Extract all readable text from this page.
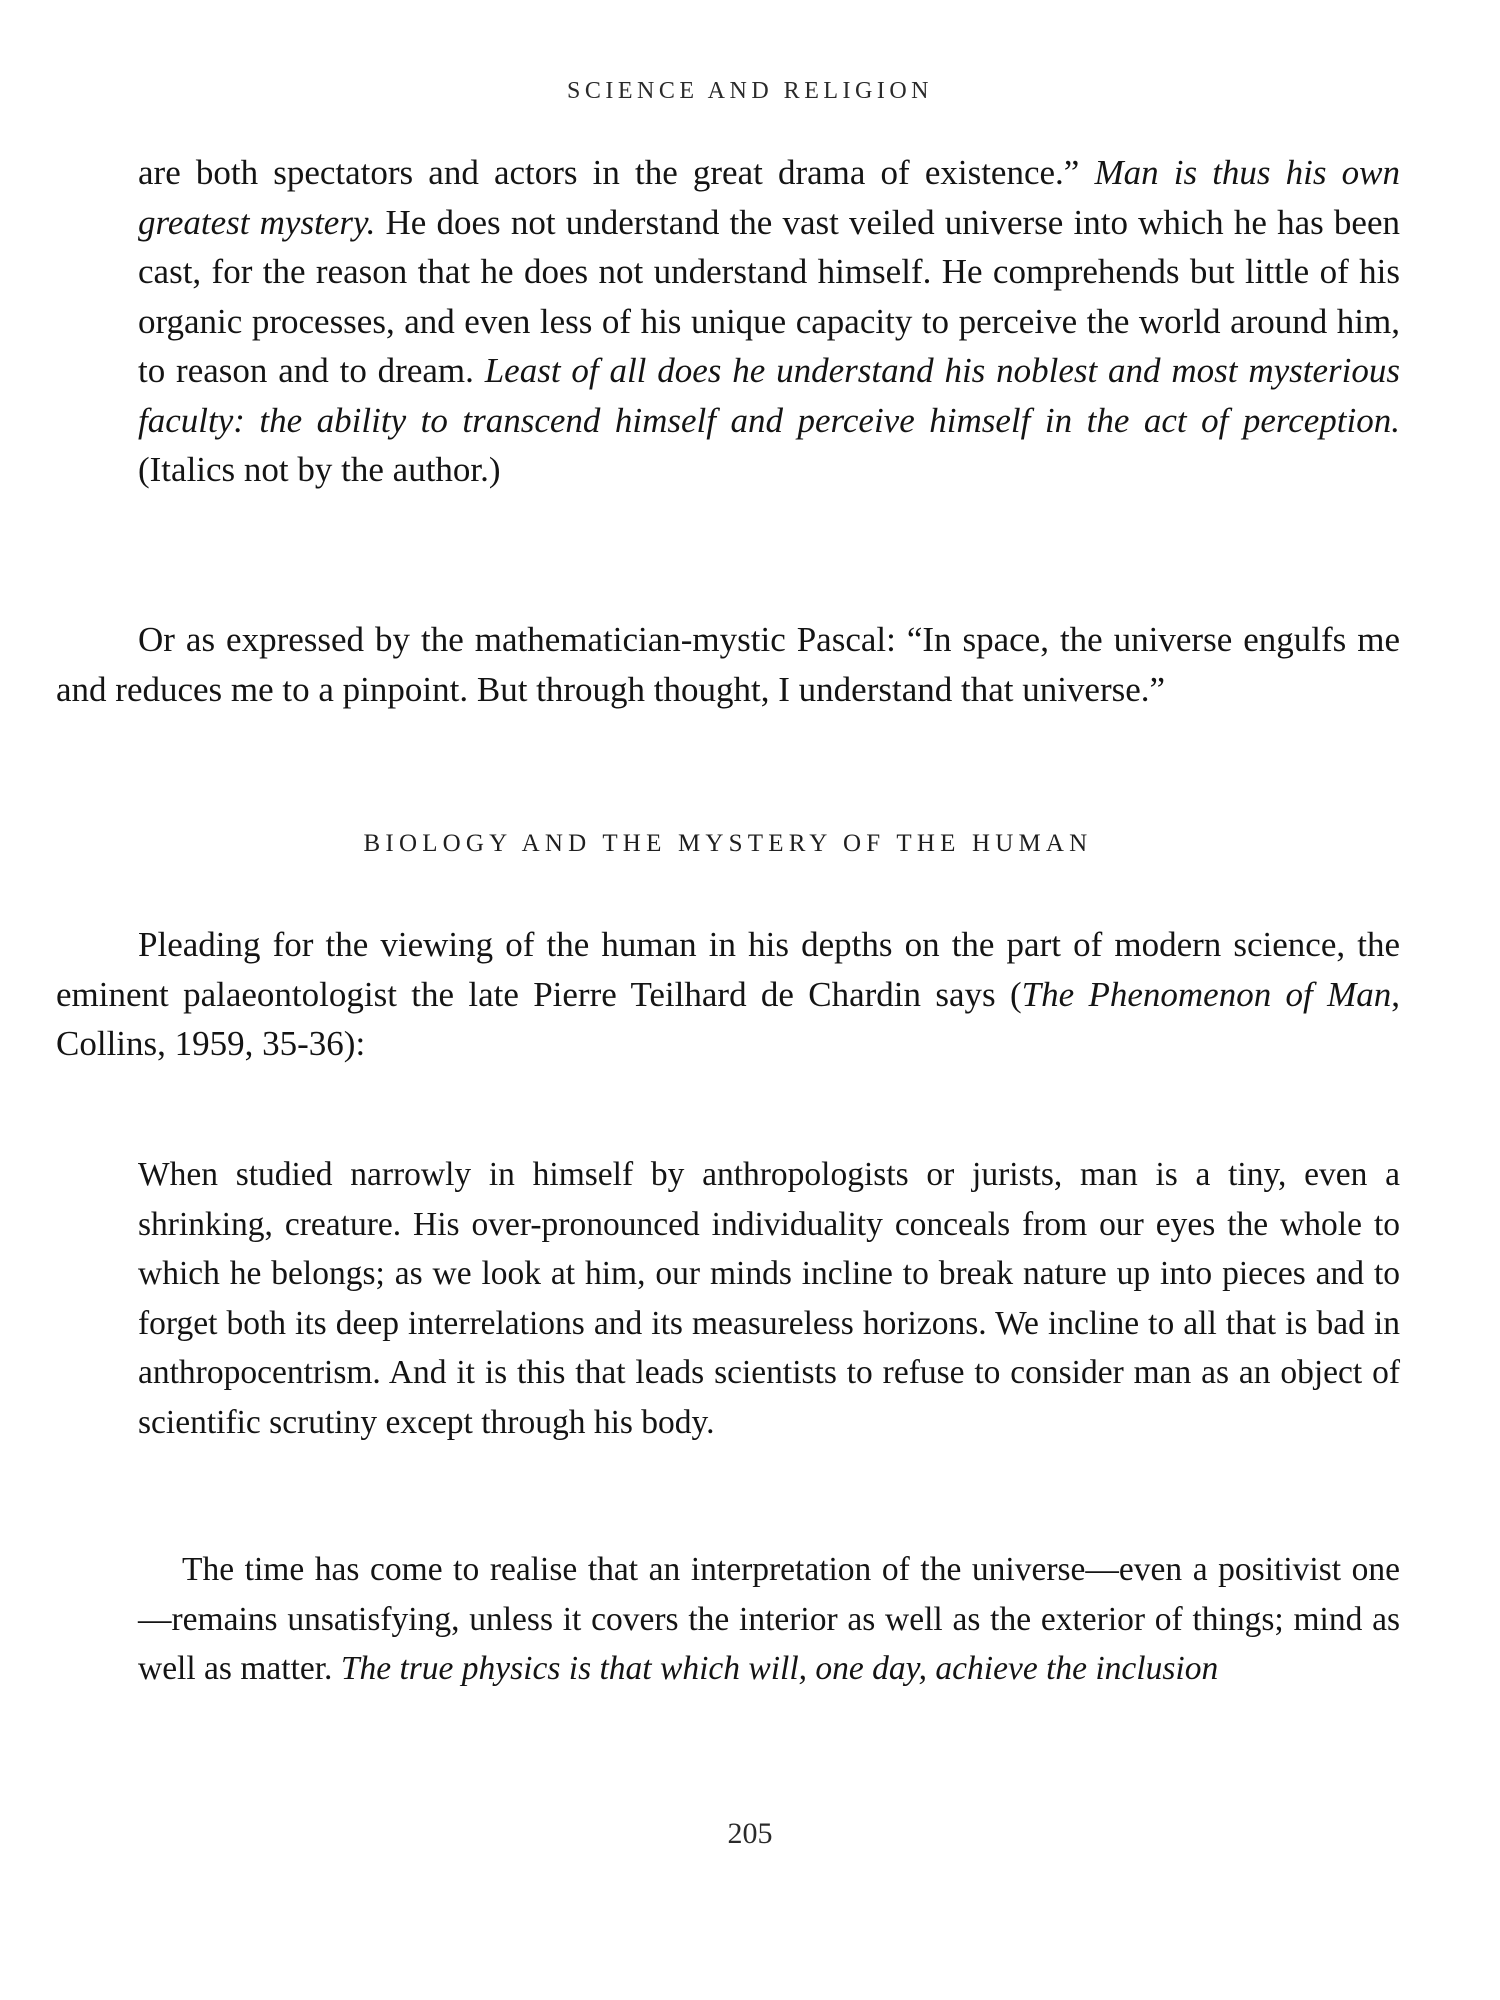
SCIENCE AND RELIGION

are both spectators and actors in the great drama of existence.” Man is thus his own greatest mystery. He does not understand the vast veiled universe into which he has been cast, for the reason that he does not understand himself. He comprehends but little of his organic processes, and even less of his unique capacity to perceive the world around him, to reason and to dream. Least of all does he understand his noblest and most mysterious faculty: the ability to transcend himself and perceive himself in the act of perception. (Italics not by the author.)

Or as expressed by the mathematician-mystic Pascal: “In space, the universe engulfs me and reduces me to a pinpoint. But through thought, I understand that universe.”

BIOLOGY AND THE MYSTERY OF THE HUMAN

Pleading for the viewing of the human in his depths on the part of modern science, the eminent palaeontologist the late Pierre Teilhard de Chardin says (The Phenomenon of Man, Collins, 1959, 35-36):

When studied narrowly in himself by anthropologists or jurists, man is a tiny, even a shrinking, creature. His over-pronounced individuality conceals from our eyes the whole to which he belongs; as we look at him, our minds incline to break nature up into pieces and to forget both its deep interrelations and its measureless horizons. We incline to all that is bad in anthropocentrism. And it is this that leads scientists to refuse to consider man as an object of scientific scrutiny except through his body.

The time has come to realise that an interpretation of the universe—even a positivist one—remains unsatisfying, unless it covers the interior as well as the exterior of things; mind as well as matter. The true physics is that which will, one day, achieve the inclusion

205
